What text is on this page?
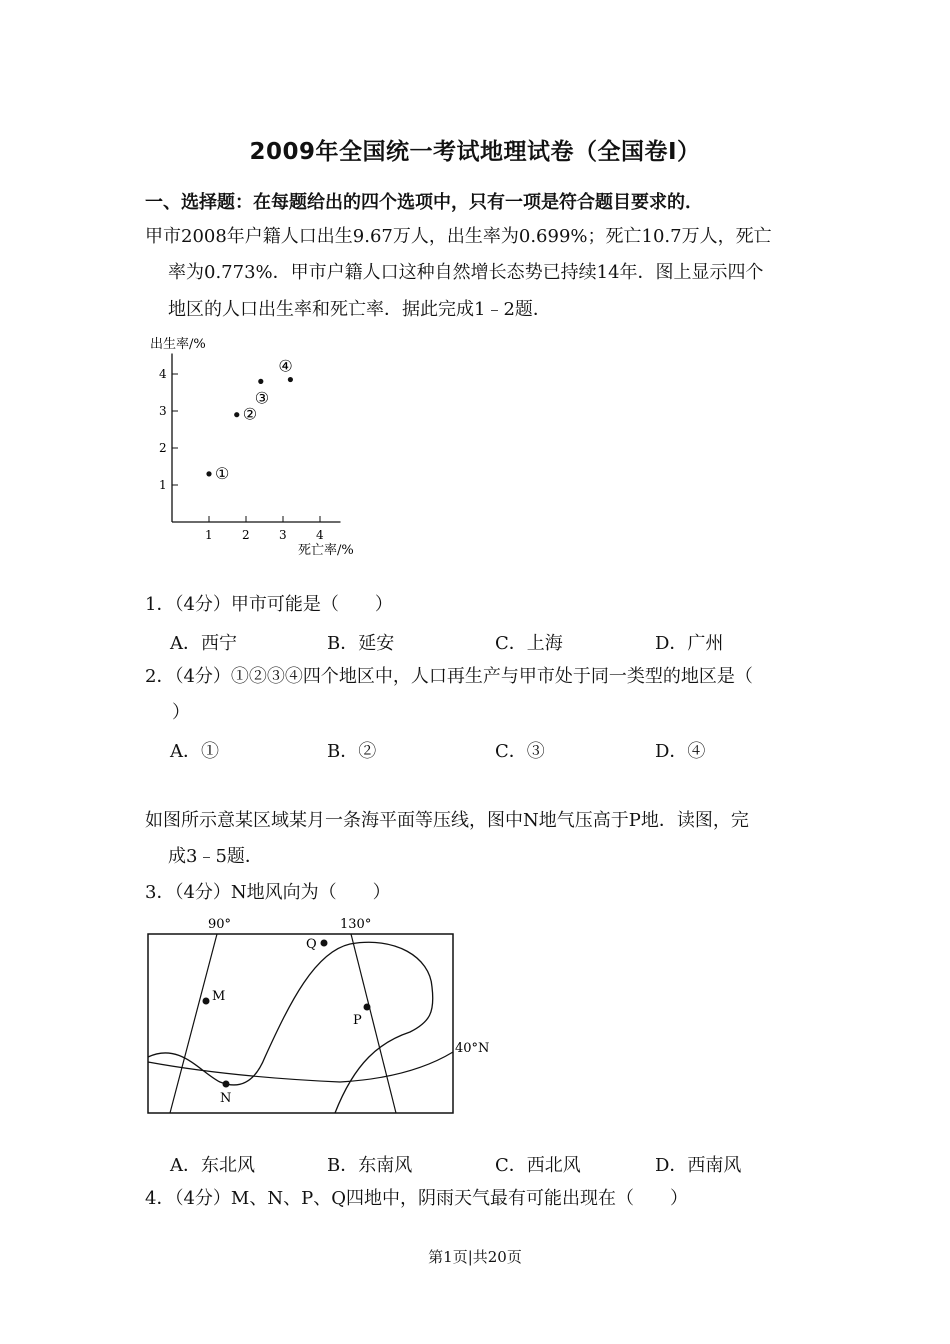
2009年全国统一考试地理试卷（全国卷Ⅰ）
一、选择题：在每题给出的四个选项中，只有一项是符合题目要求的．
甲市2008年户籍人口出生9.67万人，出生率为0.699%；死亡10.7万人，死亡
率为0.773%．甲市户籍人口这种自然增长态势已持续14年．图上显示四个
地区的人口出生率和死亡率．据此完成1﹣2题．
1 2 3 4
1
2
3
4
①
②
③
④
出生率/%
死亡率/%
1．（4分）甲市可能是（　　）
A．西宁	B．延安	C．上海	D．广州
2．（4分）①②③④四个地区中，人口再生产与甲市处于同一类型的地区是（
）
A．①	B．②	C．③	D．④
如图所示意某区域某月一条海平面等压线，图中N地气压高于P地．读图，完
成3﹣5题．
3．（4分）N地风向为（　　）
M
N
P
Q
90°	130°
40°N
A．东北风	B．东南风	C．西北风	D．西南风
4．（4分）M、N、P、Q四地中，阴雨天气最有可能出现在（　　）
第1页|共20页
